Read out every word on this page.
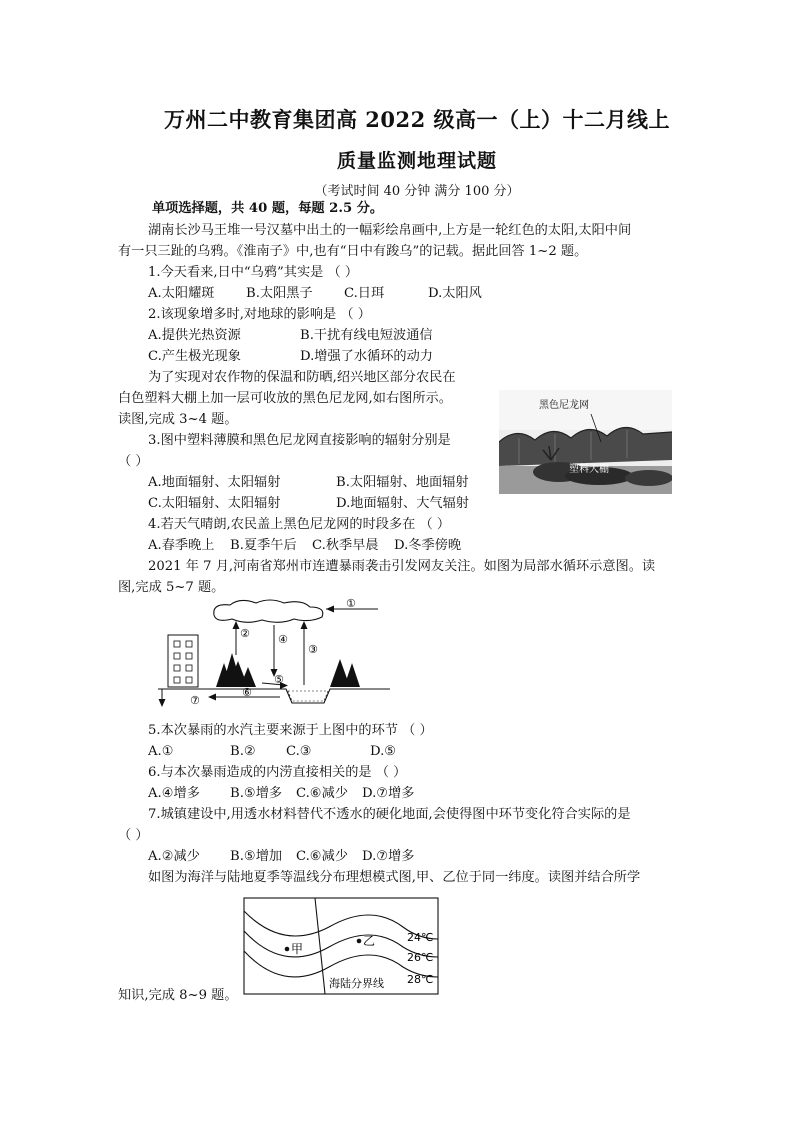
万州二中教育集团高 2022 级高一（上）十二月线上
质量监测地理试题
（考试时间 40 分钟 满分 100 分）
单项选择题，共 40 题，每题 2.5 分。
湖南长沙马王堆一号汉墓中出土的一幅彩绘帛画中,上方是一轮红色的太阳,太阳中间
有一只三趾的乌鸦。《淮南子》中,也有“日中有踆乌”的记载。据此回答 1~2 题。
1.今天看来,日中“乌鸦”其实是 （ ）
A.太阳耀斑 B.太阳黑子 C.日珥	D.太阳风
2.该现象增多时,对地球的影响是 （ ）
A.提供光热资源	B.干扰有线电短波通信
C.产生极光现象	D.增强了水循环的动力
为了实现对农作物的保温和防晒,绍兴地区部分农民在
白色塑料大棚上加一层可收放的黑色尼龙网,如右图所示。
读图,完成 3~4 题。
黑色尼龙网
塑料大棚
3.图中塑料薄膜和黑色尼龙网直接影响的辐射分别是
（ ）
A.地面辐射、太阳辐射	B.太阳辐射、地面辐射
C.太阳辐射、太阳辐射	D.地面辐射、大气辐射
4.若天气晴朗,农民盖上黑色尼龙网的时段多在 （ ）
A.春季晚上 B.夏季午后 C.秋季早晨 D.冬季傍晚
2021 年 7 月,河南省郑州市连遭暴雨袭击引发网友关注。如图为局部水循环示意图。读
图,完成 5~7 题。
①
②	④
③
⑤
⑥
⑦
5.本次暴雨的水汽主要来源于上图中的环节 （ ）
A.①	B.② C.③	D.⑤
6.与本次暴雨造成的内涝直接相关的是 （ ）
A.④增多 B.⑤增多 C.⑥减少 D.⑦增多
7.城镇建设中,用透水材料替代不透水的硬化地面,会使得图中环节变化符合实际的是
（ ）
A.②减少 B.⑤增加 C.⑥减少 D.⑦增多
如图为海洋与陆地夏季等温线分布理想模式图,甲、乙位于同一纬度。读图并结合所学
甲
乙	24℃
26℃
28℃
海陆分界线
知识,完成 8~9 题。
